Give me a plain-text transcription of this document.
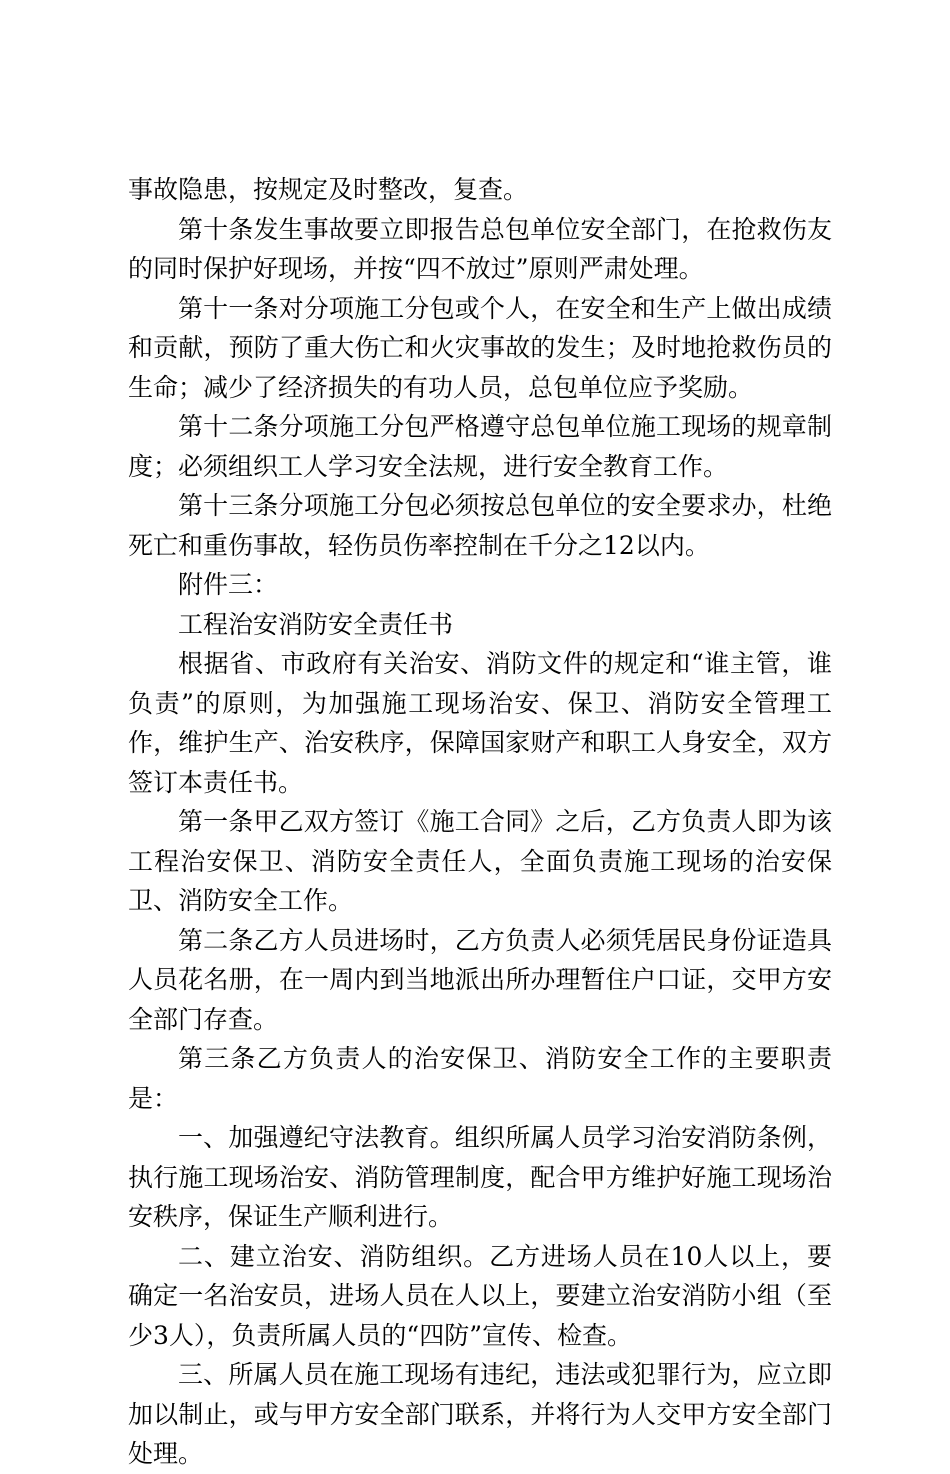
事故隐患，按规定及时整改，复查。

第十条发生事故要立即报告总包单位安全部门，在抢救伤友的同时保护好现场，并按“四不放过”原则严肃处理。

第十一条对分项施工分包或个人，在安全和生产上做出成绩和贡献，预防了重大伤亡和火灾事故的发生；及时地抢救伤员的生命；减少了经济损失的有功人员，总包单位应予奖励。

第十二条分项施工分包严格遵守总包单位施工现场的规章制度；必须组织工人学习安全法规，进行安全教育工作。

第十三条分项施工分包必须按总包单位的安全要求办，杜绝死亡和重伤事故，轻伤员伤率控制在千分之12以内。

附件三：

工程治安消防安全责任书

根据省、市政府有关治安、消防文件的规定和“谁主管，谁负责”的原则，为加强施工现场治安、保卫、消防安全管理工作，维护生产、治安秩序，保障国家财产和职工人身安全，双方签订本责任书。

第一条甲乙双方签订《施工合同》之后，乙方负责人即为该工程治安保卫、消防安全责任人，全面负责施工现场的治安保卫、消防安全工作。

第二条乙方人员进场时，乙方负责人必须凭居民身份证造具人员花名册，在一周内到当地派出所办理暂住户口证，交甲方安全部门存查。

第三条乙方负责人的治安保卫、消防安全工作的主要职责是：

一、加强遵纪守法教育。组织所属人员学习治安消防条例，执行施工现场治安、消防管理制度，配合甲方维护好施工现场治安秩序，保证生产顺利进行。

二、建立治安、消防组织。乙方进场人员在10人以上，要确定一名治安员，进场人员在人以上，要建立治安消防小组（至少3人），负责所属人员的“四防”宣传、检查。

三、所属人员在施工现场有违纪，违法或犯罪行为，应立即加以制止，或与甲方安全部门联系，并将行为人交甲方安全部门处理。
